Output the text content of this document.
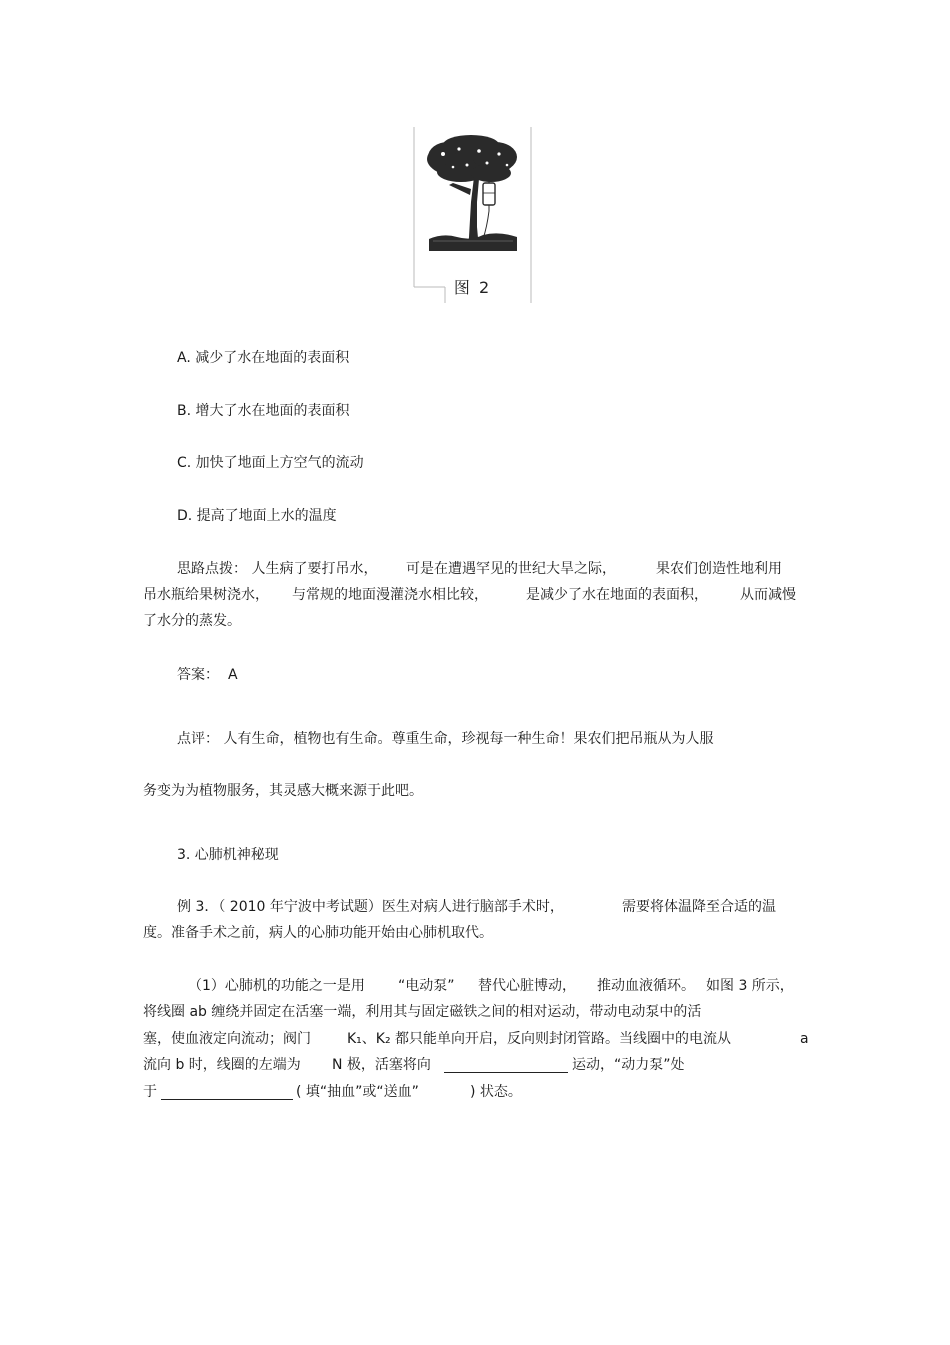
图 2
A. 减少了水在地面的表面积
B. 增大了水在地面的表面积
C. 加快了地面上方空气的流动
D. 提高了地面上水的温度
思路点拨： 人生病了要打吊水， 可是在遭遇罕见的世纪大旱之际，	果农们创造性地利用
吊水瓶给果树浇水， 与常规的地面漫灌浇水相比较，	是减少了水在地面的表面积， 从而减慢
了水分的蒸发。
答案： A
点评： 人有生命，植物也有生命。尊重生命，珍视每一种生命！果农们把吊瓶从为人服
务变为为植物服务，其灵感大概来源于此吧。
3. 心肺机神秘现
例 3．（ 2010 年宁波中考试题）医生对病人进行脑部手术时，	需要将体温降至合适的温
度。准备手术之前，病人的心肺功能开始由心肺机取代。
（1）心肺机的功能之一是用 “电动泵” 替代心脏博动， 推动血液循环。 如图 3 所示，
将线圈 ab 缠绕并固定在活塞一端，利用其与固定磁铁之间的相对运动，带动电动泵中的活
塞，使血液定向流动；阀门	K₁、K₂ 都只能单向开启，反向则封闭管路。当线圈中的电流从	a
流向 b 时，线圈的左端为 N 极，活塞将向	运动，“动力泵”处
于	( 填“抽血”或“送血”	) 状态。
